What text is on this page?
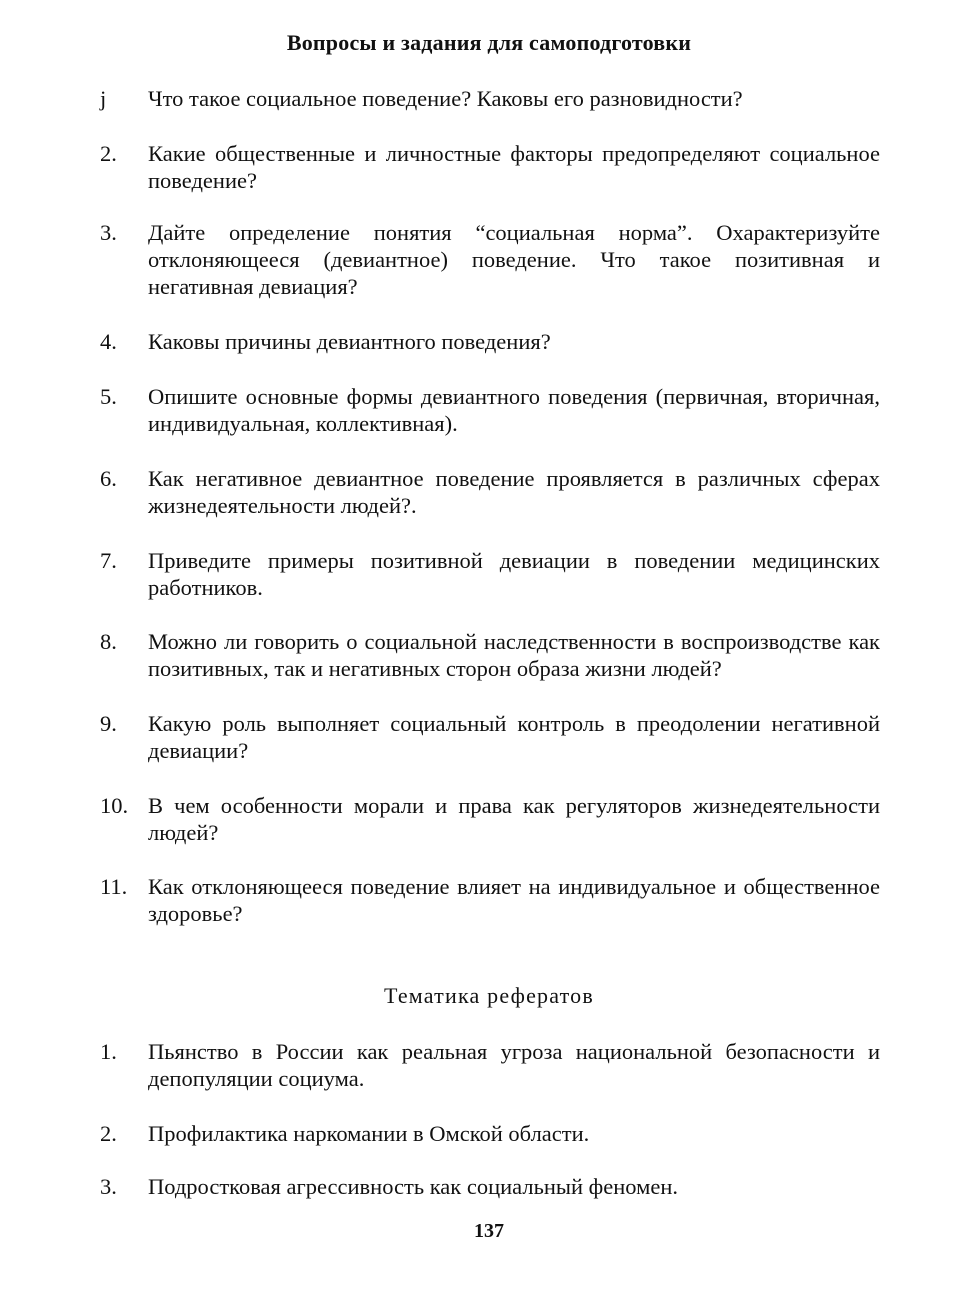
Вопросы и задания для самоподготовки
j	Что такое социальное поведение? Каковы его разновидности?
2.	Какие общественные и личностные факторы предопределяют социальное поведение?
3.	Дайте определение понятия “социальная норма”. Охарактеризуйте отклоняющееся (девиантное) поведение. Что такое позитивная и негативная девиация?
4.	Каковы причины девиантного поведения?
5.	Опишите основные формы девиантного поведения (первичная, вторичная, индивидуальная, коллективная).
6.	Как негативное девиантное поведение проявляется в различных сферах жизнедеятельности людей?.
7.	Приведите примеры позитивной девиации в поведении медицинских работников.
8.	Можно ли говорить о социальной наследственности в воспроизводстве как позитивных, так и негативных сторон образа жизни людей?
9.	Какую роль выполняет социальный контроль в преодолении негативной девиации?
10. В чем особенности морали и права как регуляторов жизнедеятельности людей?
11. Как отклоняющееся поведение влияет на индивидуальное и общественное здоровье?
Тематика рефератов
1.	Пьянство в России как реальная угроза национальной безопасности и депопуляции социума.
2.	Профилактика наркомании в Омской области.
3.	Подростковая агрессивность как социальный феномен.
137
